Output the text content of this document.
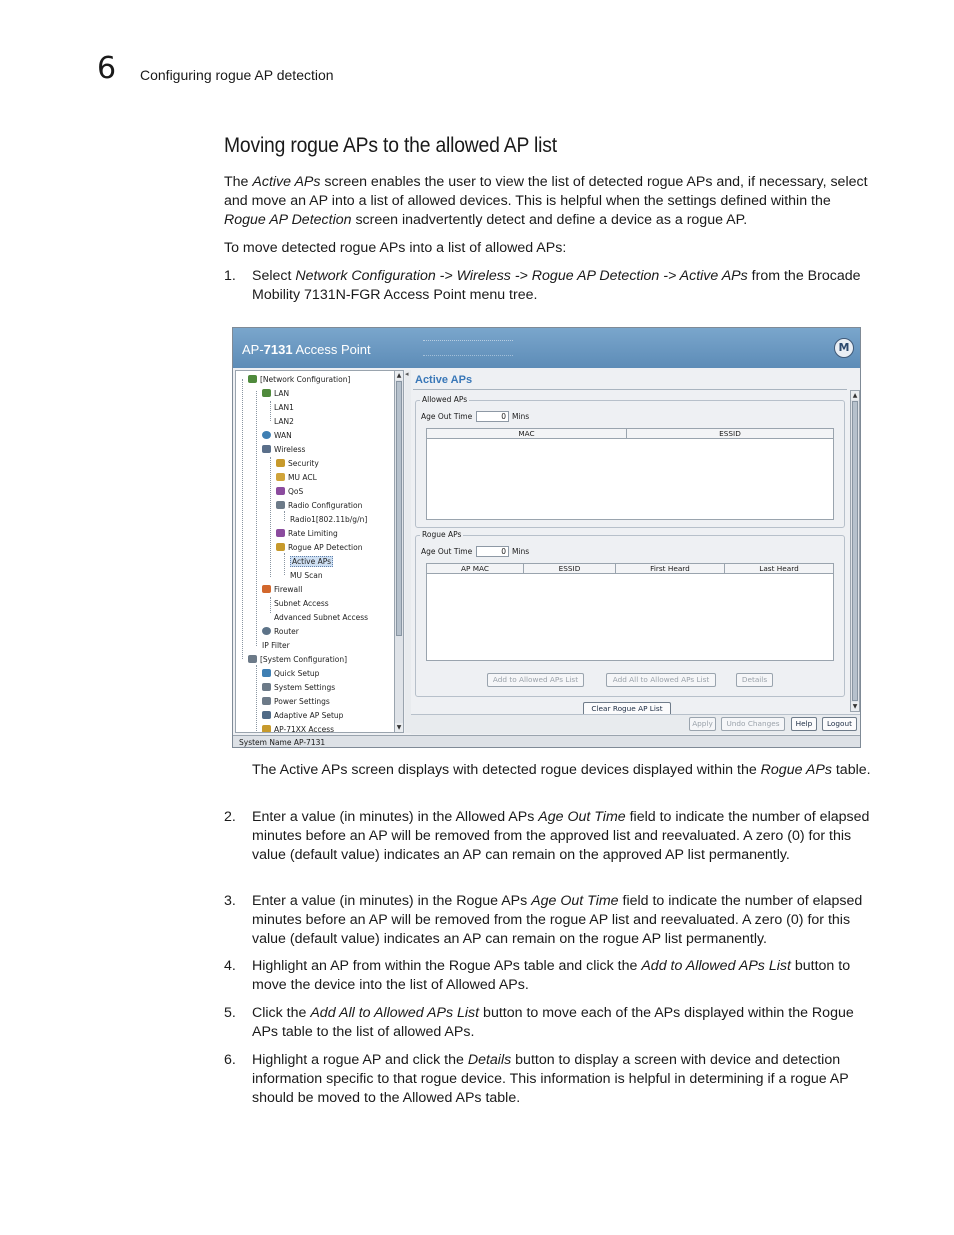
6 Configuring rogue AP detection
Moving rogue APs to the allowed AP list
The Active APs screen enables the user to view the list of detected rogue APs and, if necessary, select and move an AP into a list of allowed devices. This is helpful when the settings defined within the Rogue AP Detection screen inadvertently detect and define a device as a rogue AP.
To move detected rogue APs into a list of allowed APs:
1. Select Network Configuration -> Wireless -> Rogue AP Detection -> Active APs from the Brocade Mobility 7131N-FGR Access Point menu tree.
AP-7131 Access Point	M
[Network Configuration]
LAN
LAN1
LAN2
WAN
Wireless
Security
MU ACL
QoS
Radio Configuration
Radio1[802.11b/g/n]
Rate Limiting
Rogue AP Detection
Active APs
MU Scan
Firewall
Subnet Access
Advanced Subnet Access
Router
IP Filter
[System Configuration]
Quick Setup
System Settings
Power Settings
Adaptive AP Setup
AP-71XX Access
▲
▼
◂ Active APs
Allowed APs
Age Out Time	0 Mins
MAC	ESSID
Rogue APs
Age Out Time	0 Mins
AP MAC	ESSID	First Heard	Last Heard
Add to Allowed APs List	Add All to Allowed APs List	Details
Clear Rogue AP List
▲
▼
Apply	Undo Changes	Help	Logout
System Name AP-7131
The Active APs screen displays with detected rogue devices displayed within the Rogue APs table.
2. Enter a value (in minutes) in the Allowed APs Age Out Time field to indicate the number of elapsed minutes before an AP will be removed from the approved list and reevaluated. A zero (0) for this value (default value) indicates an AP can remain on the approved AP list permanently.
3. Enter a value (in minutes) in the Rogue APs Age Out Time field to indicate the number of elapsed minutes before an AP will be removed from the rogue AP list and reevaluated. A zero (0) for this value (default value) indicates an AP can remain on the rogue AP list permanently.
4. Highlight an AP from within the Rogue APs table and click the Add to Allowed APs List button to move the device into the list of Allowed APs.
5. Click the Add All to Allowed APs List button to move each of the APs displayed within the Rogue APs table to the list of allowed APs.
6. Highlight a rogue AP and click the Details button to display a screen with device and detection information specific to that rogue device. This information is helpful in determining if a rogue AP should be moved to the Allowed APs table.
